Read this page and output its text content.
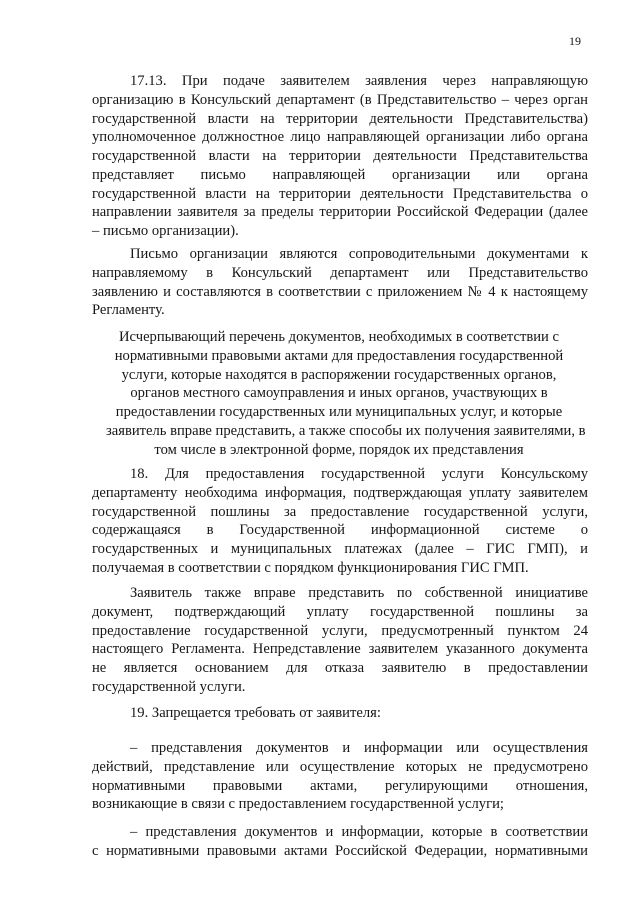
19
17.13. При подаче заявителем заявления через направляющую
организацию в Консульский департамент (в Представительство – через орган
государственной власти на территории деятельности Представительства)
уполномоченное должностное лицо направляющей организации либо органа
государственной власти на территории деятельности Представительства
представляет письмо направляющей организации или органа
государственной власти на территории деятельности Представительства о
направлении заявителя за пределы территории Российской Федерации (далее
– письмо организации).
Письмо организации являются сопроводительными документами к
направляемому в Консульский департамент или Представительство
заявлению и составляются в соответствии с приложением № 4 к настоящему
Регламенту.
Исчерпывающий перечень документов, необходимых в соответствии с
нормативными правовыми актами для предоставления государственной
услуги, которые находятся в распоряжении государственных органов,
органов местного самоуправления и иных органов, участвующих в
предоставлении государственных или муниципальных услуг, и которые
заявитель вправе представить, а также способы их получения заявителями, в
том числе в электронной форме, порядок их представления
18. Для предоставления государственной услуги Консульскому
департаменту необходима информация, подтверждающая уплату заявителем
государственной пошлины за предоставление государственной услуги,
содержащаяся в Государственной информационной системе о
государственных и муниципальных платежах (далее – ГИС ГМП), и
получаемая в соответствии с порядком функционирования ГИС ГМП.
Заявитель также вправе представить по собственной инициативе
документ, подтверждающий уплату государственной пошлины за
предоставление государственной услуги, предусмотренный пунктом 24
настоящего Регламента. Непредставление заявителем указанного документа
не является основанием для отказа заявителю в предоставлении
государственной услуги.
19. Запрещается требовать от заявителя:
– представления документов и информации или осуществления
действий, представление или осуществление которых не предусмотрено
нормативными правовыми актами, регулирующими отношения,
возникающие в связи с предоставлением государственной услуги;
– представления документов и информации, которые в соответствии
с нормативными правовыми актами Российской Федерации, нормативными
